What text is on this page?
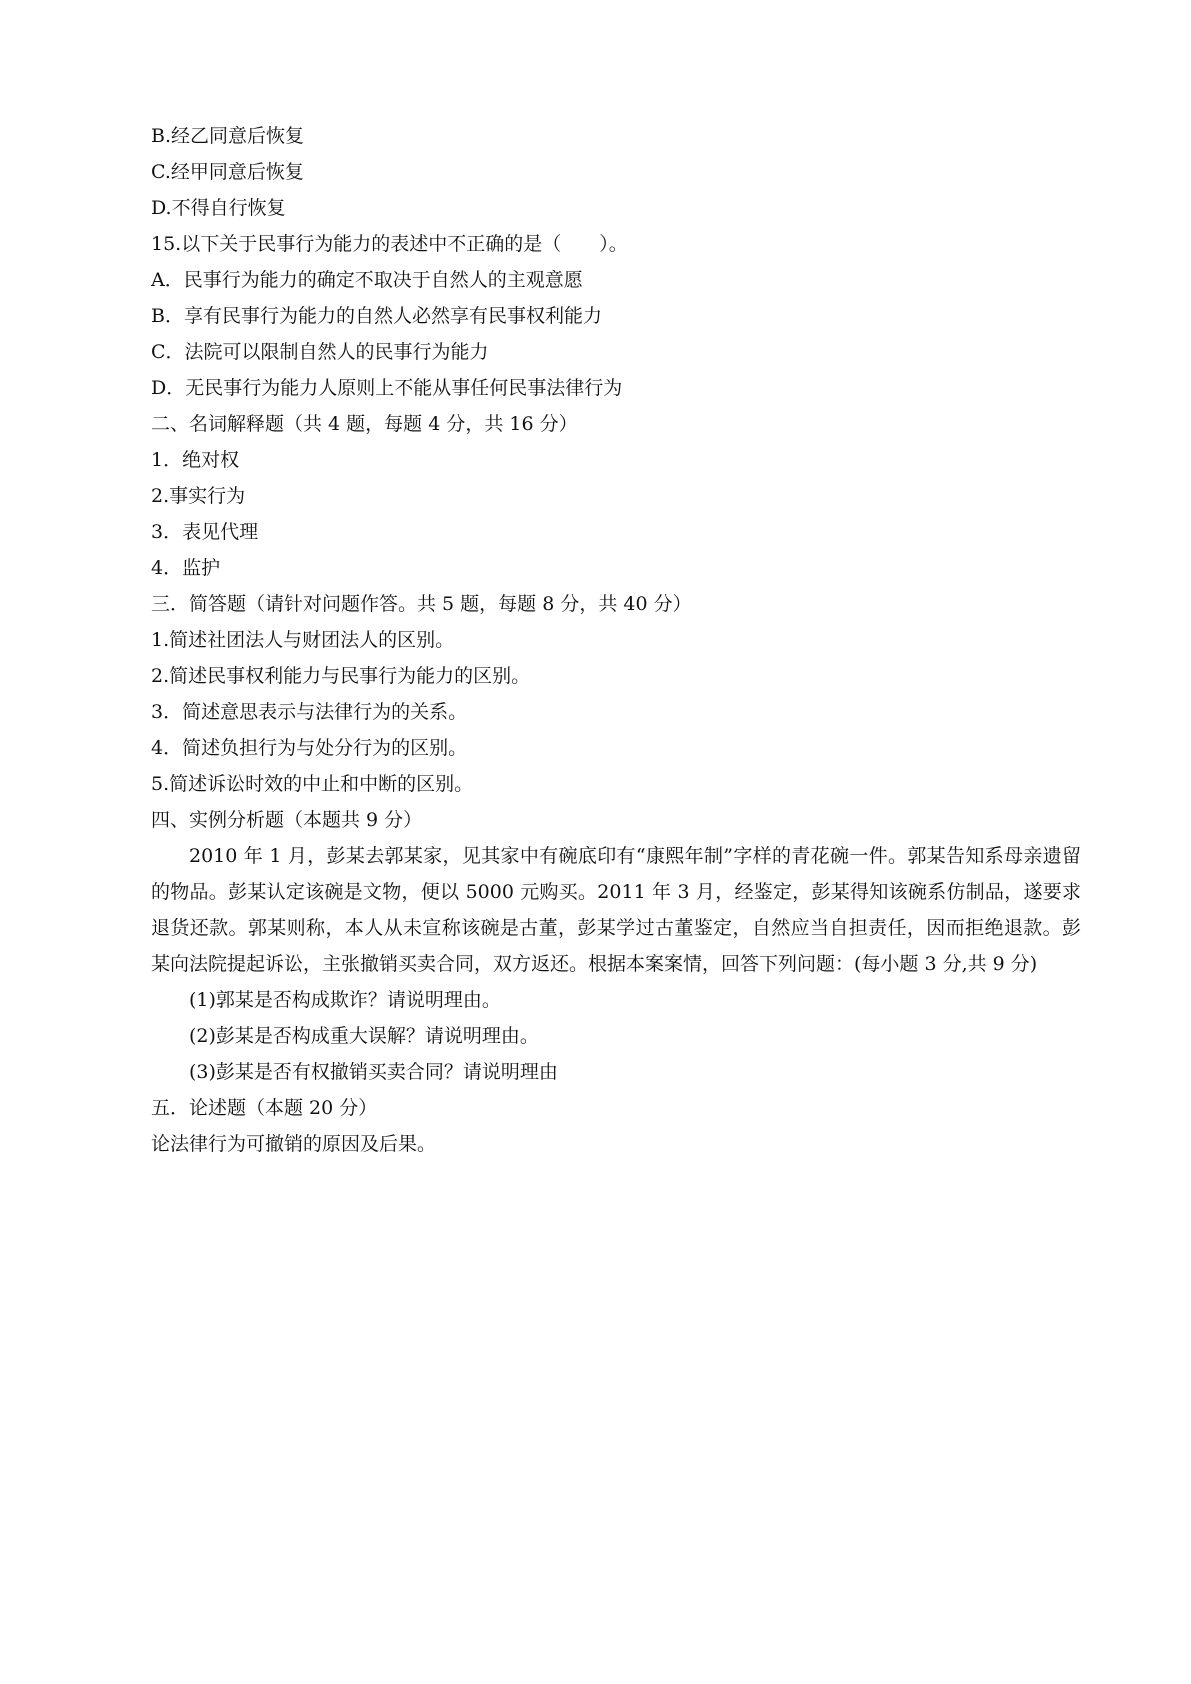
B.经乙同意后恢复

C.经甲同意后恢复

D.不得自行恢复

15.以下关于民事行为能力的表述中不正确的是（　　）。

A．民事行为能力的确定不取决于自然人的主观意愿

B．享有民事行为能力的自然人必然享有民事权利能力

C．法院可以限制自然人的民事行为能力

D．无民事行为能力人原则上不能从事任何民事法律行为

二、名词解释题（共 4 题，每题 4 分，共 16 分）

1．绝对权

2.事实行为

3．表见代理

4．监护

三．简答题（请针对问题作答。共 5 题，每题 8 分，共 40 分）

1.简述社团法人与财团法人的区别。

2.简述民事权利能力与民事行为能力的区别。

3．简述意思表示与法律行为的关系。

4．简述负担行为与处分行为的区别。

5.简述诉讼时效的中止和中断的区别。

四、实例分析题（本题共 9 分）

2010 年 1 月，彭某去郭某家，见其家中有碗底印有“康熙年制”字样的青花碗一件。郭某告知系母亲遗留的物品。彭某认定该碗是文物，便以 5000 元购买。2011 年 3 月，经鉴定，彭某得知该碗系仿制品，遂要求退货还款。郭某则称，本人从未宣称该碗是古董，彭某学过古董鉴定，自然应当自担责任，因而拒绝退款。彭某向法院提起诉讼，主张撤销买卖合同，双方返还。根据本案案情，回答下列问题：(每小题 3 分,共 9 分)

(1)郭某是否构成欺诈？请说明理由。

(2)彭某是否构成重大误解？请说明理由。

(3)彭某是否有权撤销买卖合同？请说明理由

五．论述题（本题 20 分）

论法律行为可撤销的原因及后果。
